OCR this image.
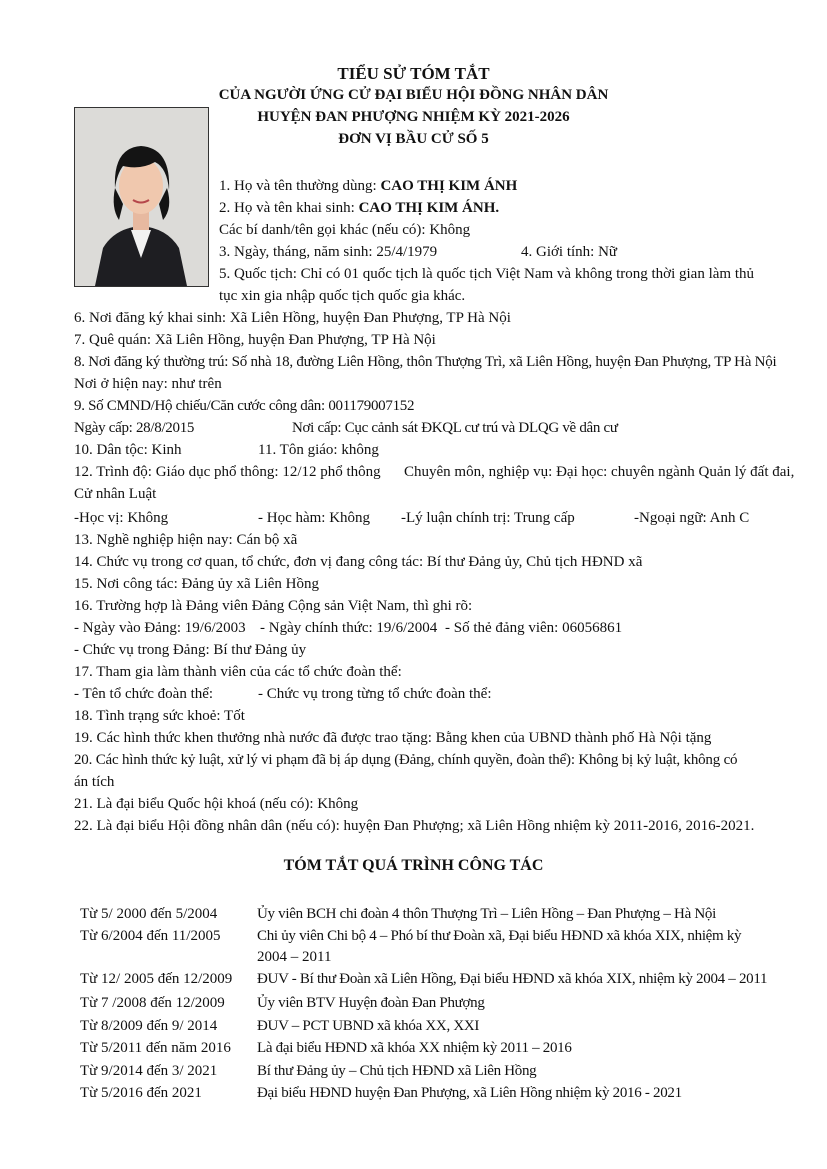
TIỂU SỬ TÓM TẮT
CỦA NGƯỜI ỨNG CỬ ĐẠI BIỂU HỘI ĐỒNG NHÂN DÂN
HUYỆN ĐAN PHƯỢNG NHIỆM KỲ 2021-2026
ĐƠN VỊ BẦU CỬ SỐ 5
1. Họ và tên thường dùng: CAO THỊ KIM ÁNH
2. Họ và tên khai sinh: CAO THỊ KIM ÁNH.
Các bí danh/tên gọi khác (nếu có): Không
3. Ngày, tháng, năm sinh: 25/4/1979	4. Giới tính: Nữ
5. Quốc tịch: Chỉ có 01 quốc tịch là quốc tịch Việt Nam và không trong thời gian làm thủ
tục xin gia nhập quốc tịch quốc gia khác.
6. Nơi đăng ký khai sinh: Xã Liên Hồng, huyện Đan Phượng, TP Hà Nội
7. Quê quán: Xã Liên Hồng, huyện Đan Phượng, TP Hà Nội
8. Nơi đăng ký thường trú: Số nhà 18, đường Liên Hồng, thôn Thượng Trì, xã Liên Hồng, huyện Đan Phượng, TP Hà Nội
Nơi ở hiện nay: như trên
9. Số CMND/Hộ chiếu/Căn cước công dân: 001179007152
Ngày cấp: 28/8/2015	Nơi cấp: Cục cảnh sát ĐKQL cư trú và DLQG về dân cư
10. Dân tộc: Kinh	11. Tôn giáo: không
12. Trình độ: Giáo dục phổ thông: 12/12 phổ thông Chuyên môn, nghiệp vụ: Đại học: chuyên ngành Quản lý đất đai,
Cử nhân Luật
-Học vị: Không	- Học hàm: Không -Lý luận chính trị: Trung cấp	-Ngoại ngữ: Anh C
13. Nghề nghiệp hiện nay: Cán bộ xã
14. Chức vụ trong cơ quan, tổ chức, đơn vị đang công tác: Bí thư Đảng ủy, Chủ tịch HĐND xã
15. Nơi công tác: Đảng ủy xã Liên Hồng
16. Trường hợp là Đảng viên Đảng Cộng sản Việt Nam, thì ghi rõ:
- Ngày vào Đảng: 19/6/2003 - Ngày chính thức: 19/6/2004 - Số thẻ đảng viên: 06056861
- Chức vụ trong Đảng: Bí thư Đảng ủy
17. Tham gia làm thành viên của các tổ chức đoàn thể:
- Tên tổ chức đoàn thể:	- Chức vụ trong từng tổ chức đoàn thể:
18. Tình trạng sức khoẻ: Tốt
19. Các hình thức khen thưởng nhà nước đã được trao tặng: Bằng khen của UBND thành phố Hà Nội tặng
20. Các hình thức kỷ luật, xử lý vi phạm đã bị áp dụng (Đảng, chính quyền, đoàn thể): Không bị kỷ luật, không có
án tích
21. Là đại biểu Quốc hội khoá (nếu có): Không
22. Là đại biểu Hội đồng nhân dân (nếu có): huyện Đan Phượng; xã Liên Hồng nhiệm kỳ 2011-2016, 2016-2021.
TÓM TẮT QUÁ TRÌNH CÔNG TÁC
Từ 5/ 2000 đến 5/2004	Ủy viên BCH chi đoàn 4 thôn Thượng Trì – Liên Hồng – Đan Phượng – Hà Nội
Từ 6/2004 đến 11/2005 Chi ủy viên Chi bộ 4 – Phó bí thư Đoàn xã, Đại biểu HĐND xã khóa XIX, nhiệm kỳ
2004 – 2011
Từ 12/ 2005 đến 12/2009 ĐUV - Bí thư Đoàn xã Liên Hồng, Đại biểu HĐND xã khóa XIX, nhiệm kỳ 2004 – 2011
Từ 7 /2008 đến 12/2009 Ủy viên BTV Huyện đoàn Đan Phượng
Từ 8/2009 đến 9/ 2014	ĐUV – PCT UBND xã khóa XX, XXI
Từ 5/2011 đến năm 2016 Là đại biểu HĐND xã khóa XX nhiệm kỳ 2011 – 2016
Từ 9/2014 đến 3/ 2021	Bí thư Đảng ủy – Chủ tịch HĐND xã Liên Hồng
Từ 5/2016 đến 2021	Đại biểu HĐND huyện Đan Phượng, xã Liên Hồng nhiệm kỳ 2016 - 2021
